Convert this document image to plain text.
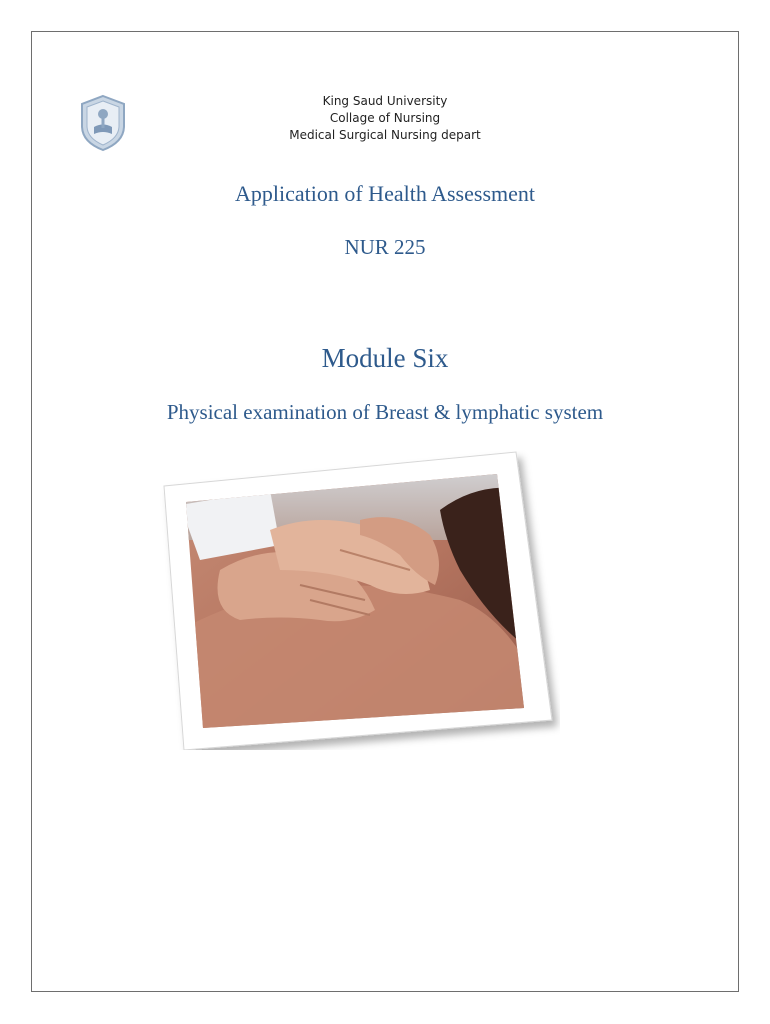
King Saud University
Collage of Nursing
Medical Surgical Nursing depart
Application of Health Assessment
NUR 225
Module Six
Physical examination of Breast & lymphatic system
